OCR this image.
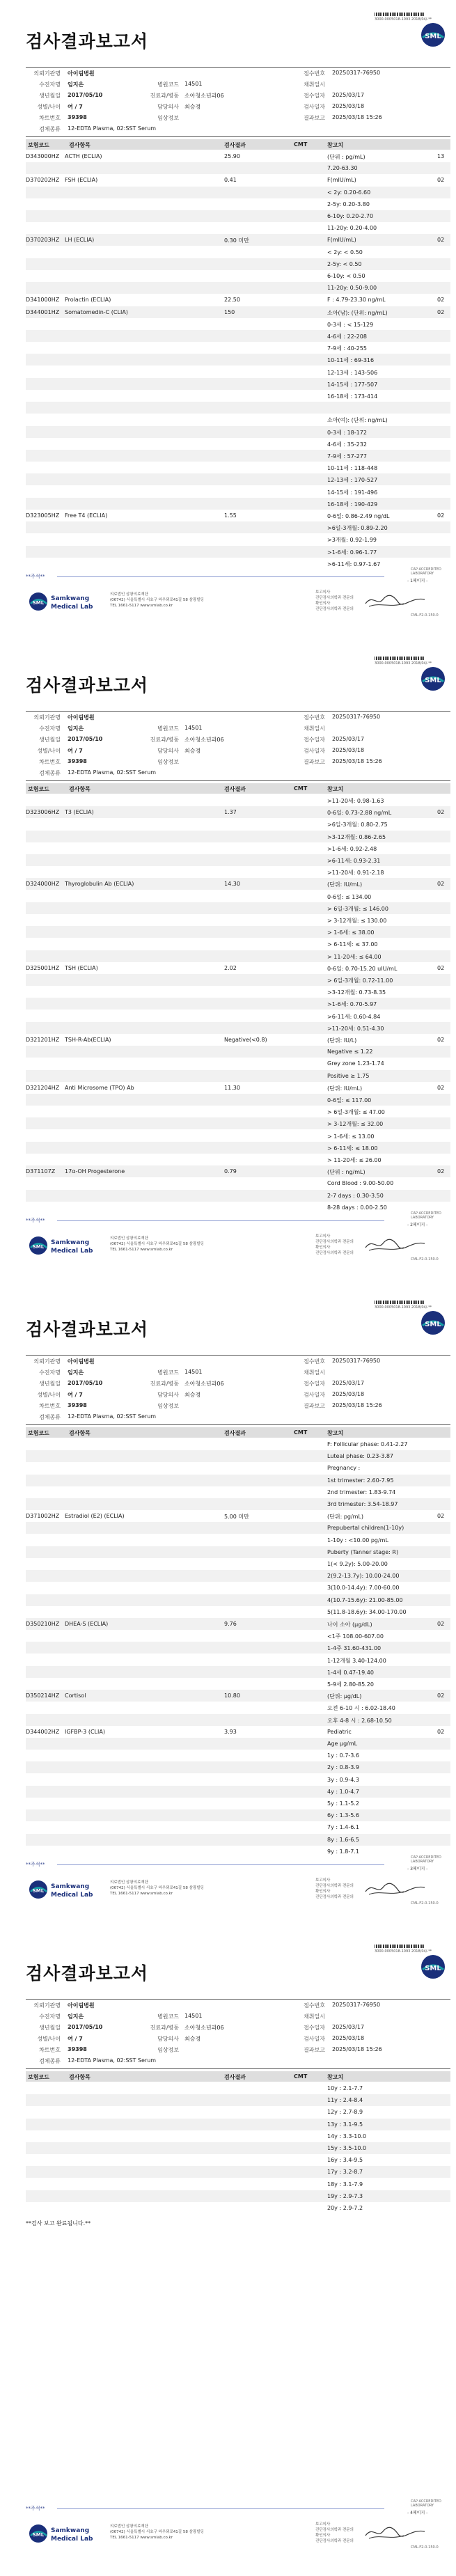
3000-0005018-1093 2018/04/-**
SML
검사결과보고서
의뢰기관명 아이림병원	접수번호 20250317-76950
수진자명 임지은	병원코드 14501	채취일시
생년월일 2017/05/10	진료과/병동 소아청소년과06	접수일자 2025/03/17
성별/나이 여 / 7	담당의사 최승경	검사일자 2025/03/18
차트번호 39398	임상정보	결과보고 2025/03/18 15:26
검체종류 12-EDTA Plasma, 02:SST Serum
보험코드	검사항목	검사결과	CMT	참고치
D343000HZ ACTH (ECLIA)	25.90	(단위 : pg/mL)	13
7.20-63.30
D370202HZ FSH (ECLIA)	0.41	F(mIU/mL)	02
< 2y: 0.20-6.60
2-5y: 0.20-3.80
6-10y: 0.20-2.70
11-20y: 0.20-4.00
D370203HZ LH (ECLIA)	0.30 미만	F(mIU/mL)	02
< 2y: < 0.50
2-5y: < 0.50
6-10y: < 0.50
11-20y: 0.50-9.00
D341000HZ Prolactin (ECLIA)	22.50	F : 4.79-23.30 ng/mL	02
D344001HZ Somatomedin-C (CLIA)	150	소아(남): (단위: ng/mL)	02
0-3세 : < 15-129
4-6세 : 22-208
7-9세 : 40-255
10-11세 : 69-316
12-13세 : 143-506
14-15세 : 177-507
16-18세 : 173-414
소아(여): (단위: ng/mL)
0-3세 : 18-172
4-6세 : 35-232
7-9세 : 57-277
10-11세 : 118-448
12-13세 : 170-527
14-15세 : 191-496
16-18세 : 190-429
D323005HZ Free T4 (ECLIA)	1.55	0-6일: 0.86-2.49 ng/dL	02
>6일-3개월: 0.89-2.20
>3개월: 0.92-1.99
>1-6세: 0.96-1.77
>6-11세: 0.97-1.67
**주석**
- 1페이지 -
SML
Samkwang
Medical Lab
의료법인 삼광의료재단
(06742) 서울특별시 서초구 바우뫼로41길 58 삼광빌딩
TEL 1661-5117 www.smlab.co.kr
보고의사
진단검사의학과 전문의
확인의사
진단검사의학과 전문의
CAP ACCREDITED LABORATORY
CML-F2-0-150-0
3000-0005018-1093 2018/04/-**
SML
검사결과보고서
의뢰기관명 아이림병원	접수번호 20250317-76950
수진자명 임지은	병원코드 14501	채취일시
생년월일 2017/05/10	진료과/병동 소아청소년과06	접수일자 2025/03/17
성별/나이 여 / 7	담당의사 최승경	검사일자 2025/03/18
차트번호 39398	임상정보	결과보고 2025/03/18 15:26
검체종류 12-EDTA Plasma, 02:SST Serum
보험코드	검사항목	검사결과	CMT	참고치
>11-20세: 0.98-1.63
D323006HZ T3 (ECLIA)	1.37	0-6일: 0.73-2.88 ng/mL	02
>6일-3개월: 0.80-2.75
>3-12개월: 0.86-2.65
>1-6세: 0.92-2.48
>6-11세: 0.93-2.31
>11-20세: 0.91-2.18
D324000HZ Thyroglobulin Ab (ECLIA)	14.30	(단위: IU/mL)	02
0-6일: ≤ 134.00
> 6일-3개월: ≤ 146.00
> 3-12개월: ≤ 130.00
> 1-6세: ≤ 38.00
> 6-11세: ≤ 37.00
> 11-20세: ≤ 64.00
D325001HZ TSH (ECLIA)	2.02	0-6일: 0.70-15.20 uIU/mL	02
> 6일-3개월: 0.72-11.00
>3-12개월: 0.73-8.35
>1-6세: 0.70-5.97
>6-11세: 0.60-4.84
>11-20세: 0.51-4.30
D321201HZ TSH-R-Ab(ECLIA)	Negative(<0.8)	(단위: IU/L)	02
Negative ≤ 1.22
Grey zone 1.23-1.74
Positive ≥ 1.75
D321204HZ Anti Microsome (TPO) Ab	11.30	(단위: IU/mL)	02
0-6일: ≤ 117.00
> 6일-3개월: ≤ 47.00
> 3-12개월: ≤ 32.00
> 1-6세: ≤ 13.00
> 6-11세: ≤ 18.00
> 11-20세: ≤ 26.00
D371107Z 17α-OH Progesterone	0.79	(단위 : ng/mL)	02
Cord Blood : 9.00-50.00
2-7 days : 0.30-3.50
8-28 days : 0.00-2.50
**주석**
- 2페이지 -
SML
Samkwang
Medical Lab
의료법인 삼광의료재단
(06742) 서울특별시 서초구 바우뫼로41길 58 삼광빌딩
TEL 1661-5117 www.smlab.co.kr
보고의사
진단검사의학과 전문의
확인의사
진단검사의학과 전문의
CAP ACCREDITED LABORATORY
CML-F2-0-150-0
3000-0005018-1093 2018/04/-**
SML
검사결과보고서
의뢰기관명 아이림병원	접수번호 20250317-76950
수진자명 임지은	병원코드 14501	채취일시
생년월일 2017/05/10	진료과/병동 소아청소년과06	접수일자 2025/03/17
성별/나이 여 / 7	담당의사 최승경	검사일자 2025/03/18
차트번호 39398	임상정보	결과보고 2025/03/18 15:26
검체종류 12-EDTA Plasma, 02:SST Serum
보험코드	검사항목	검사결과	CMT	참고치
F: Follicular phase: 0.41-2.27
Luteal phase: 0.23-3.87
Pregnancy :
1st trimester: 2.60-7.95
2nd trimester: 1.83-9.74
3rd trimester: 3.54-18.97
D371002HZ Estradiol (E2) (ECLIA)	5.00 미만	(단위: pg/mL)	02
Prepubertal children(1-10y)
1-10y : <10.00 pg/mL
Puberty (Tanner stage: R)
1(< 9.2y): 5.00-20.00
2(9.2-13.7y): 10.00-24.00
3(10.0-14.4y): 7.00-60.00
4(10.7-15.6y): 21.00-85.00
5(11.8-18.6y): 34.00-170.00
D350210HZ DHEA-S (ECLIA)	9.76	나이 소아 (μg/dL)	02
<1주 108.00-607.00
1-4주 31.60-431.00
1-12개월 3.40-124.00
1-4세 0.47-19.40
5-9세 2.80-85.20
D350214HZ Cortisol	10.80	(단위: μg/dL)	02
오전 6-10 시 : 6.02-18.40
오후 4-8 시 : 2.68-10.50
D344002HZ IGFBP-3 (CLIA)	3.93	Pediatric	02
Age μg/mL
1y : 0.7-3.6
2y : 0.8-3.9
3y : 0.9-4.3
4y : 1.0-4.7
5y : 1.1-5.2
6y : 1.3-5.6
7y : 1.4-6.1
8y : 1.6-6.5
9y : 1.8-7.1
**주석**
- 3페이지 -
SML
Samkwang
Medical Lab
의료법인 삼광의료재단
(06742) 서울특별시 서초구 바우뫼로41길 58 삼광빌딩
TEL 1661-5117 www.smlab.co.kr
보고의사
진단검사의학과 전문의
확인의사
진단검사의학과 전문의
CAP ACCREDITED LABORATORY
CML-F2-0-150-0
3000-0005018-1093 2018/04/-**
SML
검사결과보고서
의뢰기관명 아이림병원	접수번호 20250317-76950
수진자명 임지은	병원코드 14501	채취일시
생년월일 2017/05/10	진료과/병동 소아청소년과06	접수일자 2025/03/17
성별/나이 여 / 7	담당의사 최승경	검사일자 2025/03/18
차트번호 39398	임상정보	결과보고 2025/03/18 15:26
검체종류 12-EDTA Plasma, 02:SST Serum
보험코드	검사항목	검사결과	CMT	참고치
10y : 2.1-7.7
11y : 2.4-8.4
12y : 2.7-8.9
13y : 3.1-9.5
14y : 3.3-10.0
15y : 3.5-10.0
16y : 3.4-9.5
17y : 3.2-8.7
18y : 3.1-7.9
19y : 2.9-7.3
20y : 2.9-7.2
**주석**
- 4페이지 -
SML
Samkwang
Medical Lab
의료법인 삼광의료재단
(06742) 서울특별시 서초구 바우뫼로41길 58 삼광빌딩
TEL 1661-5117 www.smlab.co.kr
보고의사
진단검사의학과 전문의
확인의사
진단검사의학과 전문의
CAP ACCREDITED LABORATORY
CML-F2-0-150-0
**검사 보고 완료됩니다.**
